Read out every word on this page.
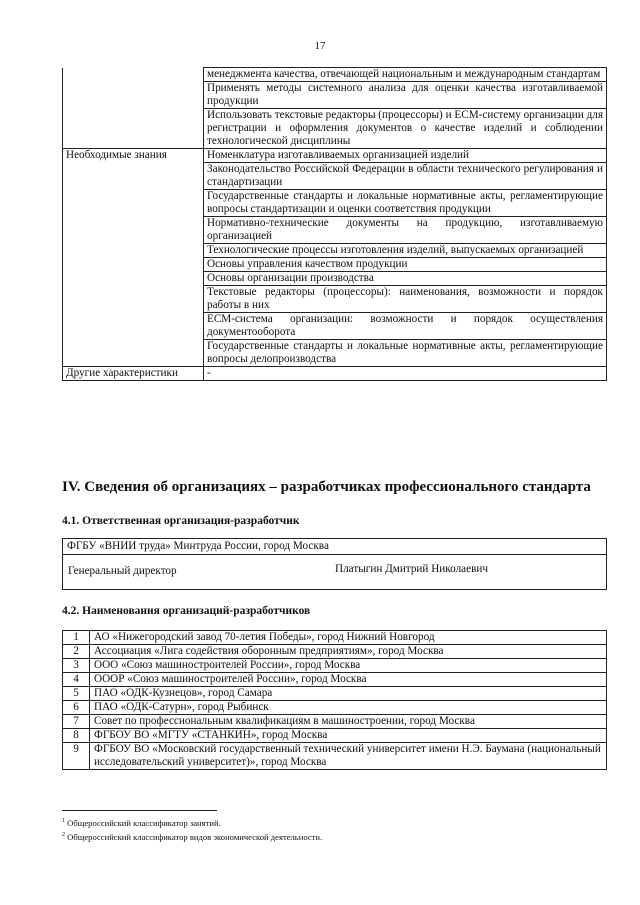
17
	менеджмента качества, отвечающей национальным и международным стандартам
	Применять методы системного анализа для оценки качества изготавливаемой продукции
	Использовать текстовые редакторы (процессоры) и ЕСМ-систему организации для регистрации и оформления документов о качестве изделий и соблюдении технологической дисциплины
Необходимые знания	Номенклатура изготавливаемых организацией изделий
	Законодательство Российской Федерации в области технического регулирования и стандартизации
	Государственные стандарты и локальные нормативные акты, регламентирующие вопросы стандартизации и оценки соответствия продукции
	Нормативно-технические документы на продукцию, изготавливаемую организацией
	Технологические процессы изготовления изделий, выпускаемых организацией
	Основы управления качеством продукции
	Основы организации производства
	Текстовые редакторы (процессоры): наименования, возможности и порядок работы в них
	ЕСМ-система организации: возможности и порядок осуществления документооборота
	Государственные стандарты и локальные нормативные акты, регламентирующие вопросы делопроизводства
Другие характеристики	-
IV. Сведения об организациях – разработчиках профессионального стандарта
4.1. Ответственная организация-разработчик
ФГБУ «ВНИИ труда» Минтруда России, город Москва
Генеральный директор	Платыгин Дмитрий Николаевич
4.2. Наименования организаций-разработчиков
1	АО «Нижегородский завод 70-летия Победы», город Нижний Новгород
2	Ассоциация «Лига содействия оборонным предприятиям», город Москва
3	ООО «Союз машиностроителей России», город Москва
4	ОООР «Союз машиностроителей России», город Москва
5	ПАО «ОДК-Кузнецов», город Самара
6	ПАО «ОДК-Сатурн», город Рыбинск
7	Совет по профессиональным квалификациям в машиностроении, город Москва
8	ФГБОУ ВО «МГТУ «СТАНКИН», город Москва
9	ФГБОУ ВО «Московский государственный технический университет имени Н.Э. Баумана (национальный исследовательский университет)», город Москва
$^1$ Общероссийский классификатор занятий.
$^2$ Общероссийский классификатор видов экономической деятельности.
